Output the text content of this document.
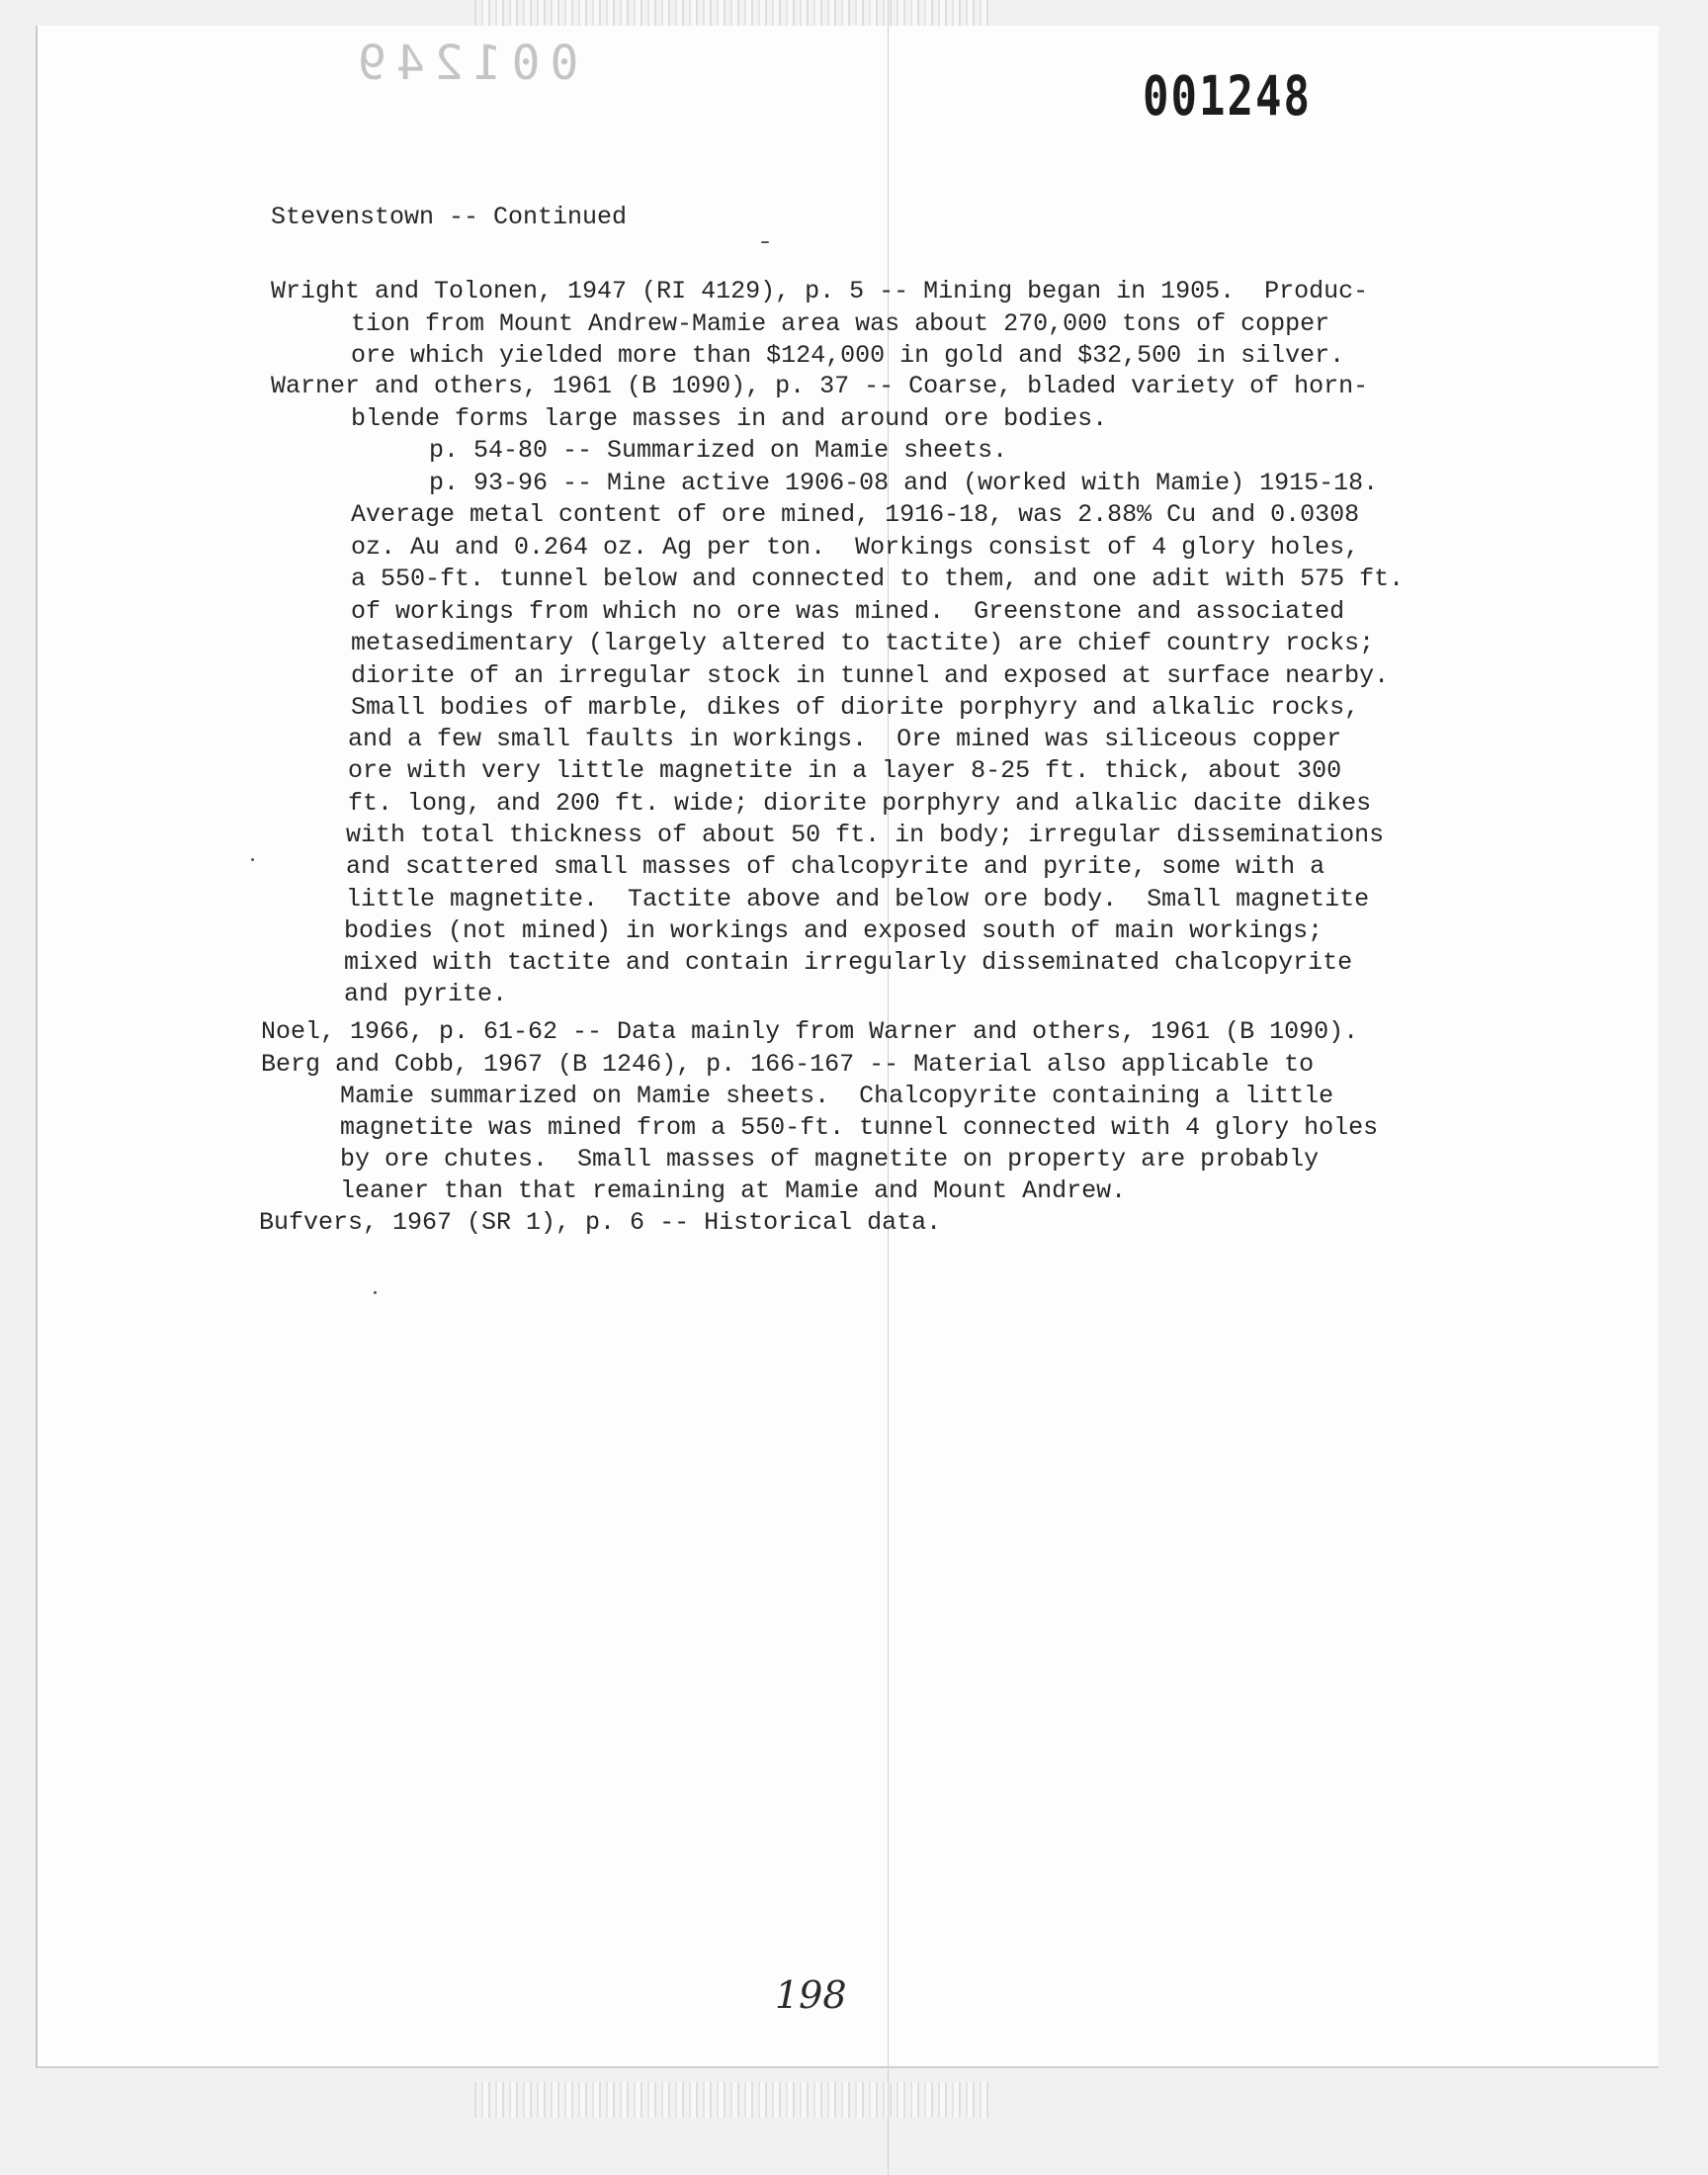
001249
001248

Stevenstown -- Continued

Wright and Tolonen, 1947 (RI 4129), p. 5 -- Mining began in 1905.  Produc-

tion from Mount Andrew-Mamie area was about 270,000 tons of copper

ore which yielded more than $124,000 in gold and $32,500 in silver.

Warner and others, 1961 (B 1090), p. 37 -- Coarse, bladed variety of horn-

blende forms large masses in and around ore bodies.

p. 54-80 -- Summarized on Mamie sheets.

p. 93-96 -- Mine active 1906-08 and (worked with Mamie) 1915-18.

Average metal content of ore mined, 1916-18, was 2.88% Cu and 0.0308

oz. Au and 0.264 oz. Ag per ton.  Workings consist of 4 glory holes,

a 550-ft. tunnel below and connected to them, and one adit with 575 ft.

of workings from which no ore was mined.  Greenstone and associated

metasedimentary (largely altered to tactite) are chief country rocks;

diorite of an irregular stock in tunnel and exposed at surface nearby.

Small bodies of marble, dikes of diorite porphyry and alkalic rocks,

and a few small faults in workings.  Ore mined was siliceous copper

ore with very little magnetite in a layer 8-25 ft. thick, about 300

ft. long, and 200 ft. wide; diorite porphyry and alkalic dacite dikes

with total thickness of about 50 ft. in body; irregular disseminations

and scattered small masses of chalcopyrite and pyrite, some with a

little magnetite.  Tactite above and below ore body.  Small magnetite

bodies (not mined) in workings and exposed south of main workings;

mixed with tactite and contain irregularly disseminated chalcopyrite

and pyrite.

Noel, 1966, p. 61-62 -- Data mainly from Warner and others, 1961 (B 1090).

Berg and Cobb, 1967 (B 1246), p. 166-167 -- Material also applicable to

Mamie summarized on Mamie sheets.  Chalcopyrite containing a little

magnetite was mined from a 550-ft. tunnel connected with 4 glory holes

by ore chutes.  Small masses of magnetite on property are probably

leaner than that remaining at Mamie and Mount Andrew.

Bufvers, 1967 (SR 1), p. 6 -- Historical data.

198
